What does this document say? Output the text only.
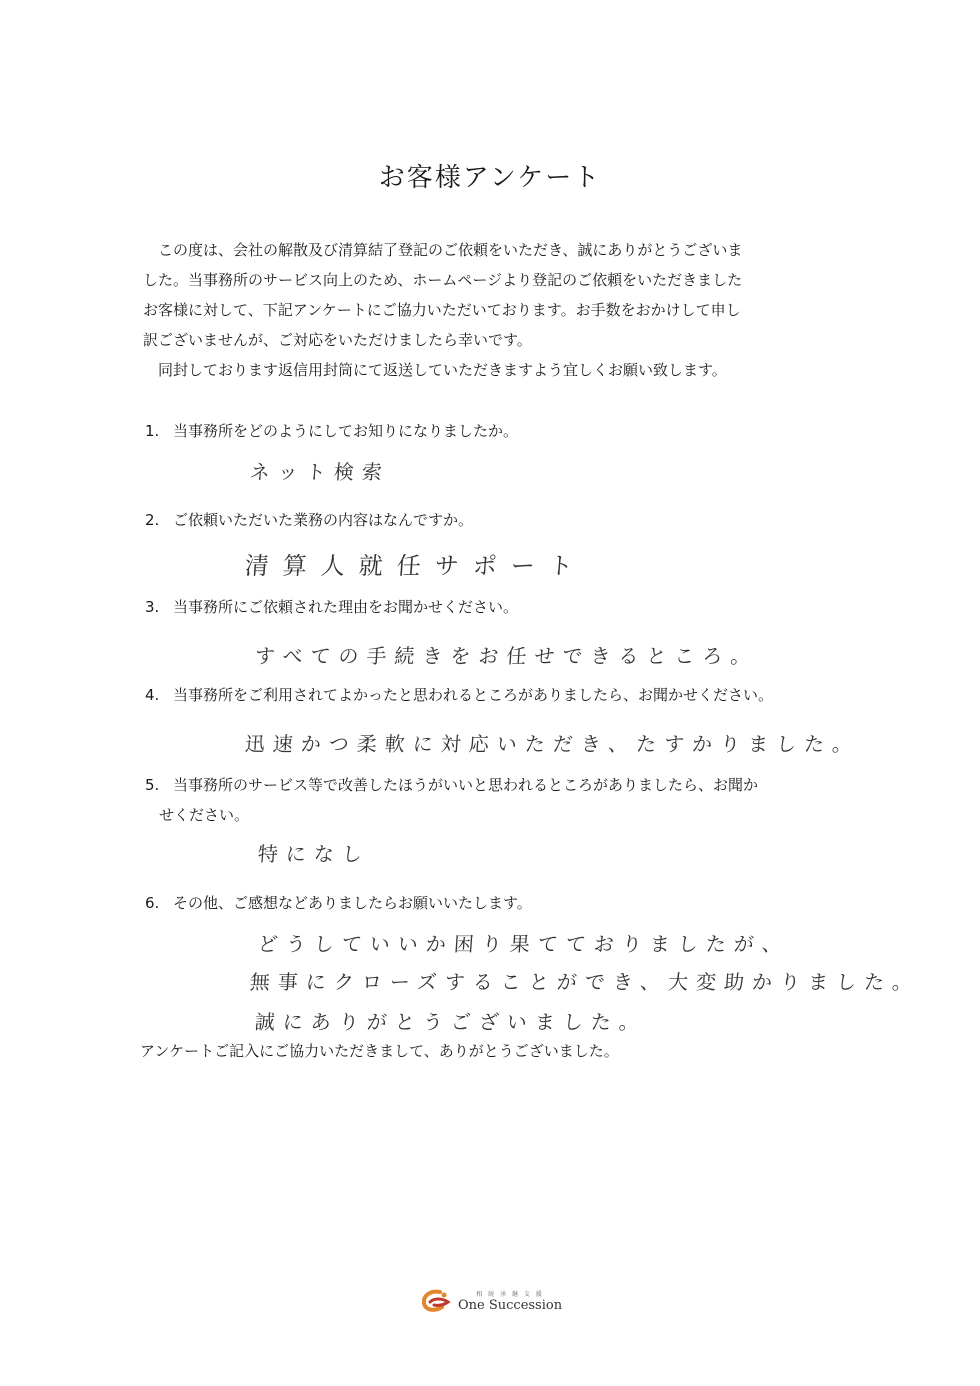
お客様アンケート

この度は、会社の解散及び清算結了登記のご依頼をいただき、誠にありがとうございま

した。当事務所のサービス向上のため、ホームページより登記のご依頼をいただきました

お客様に対して、下記アンケートにご協力いただいております。お手数をおかけして申し

訳ございませんが、ご対応をいただけましたら幸いです。

同封しております返信用封筒にて返送していただきますよう宜しくお願い致します。

1. 当事務所をどのようにしてお知りになりましたか。
ネット検索
2. ご依頼いただいた業務の内容はなんですか。
清算人就任サポート
3. 当事務所にご依頼された理由をお聞かせください。
すべての手続きをお任せできるところ。
4. 当事務所をご利用されてよかったと思われるところがありましたら、お聞かせください。
迅速かつ柔軟に対応いただき、たすかりました。
5. 当事務所のサービス等で改善したほうがいいと思われるところがありましたら、お聞か
せください。
特になし
6. その他、ご感想などありましたらお願いいたします。
どうしていいか困り果てておりましたが、
無事にクローズすることができ、大変助かりました。
誠にありがとうございました。
アンケートご記入にご協力いただきまして、ありがとうございました。
相 続 承 継 支 援
One Succession
